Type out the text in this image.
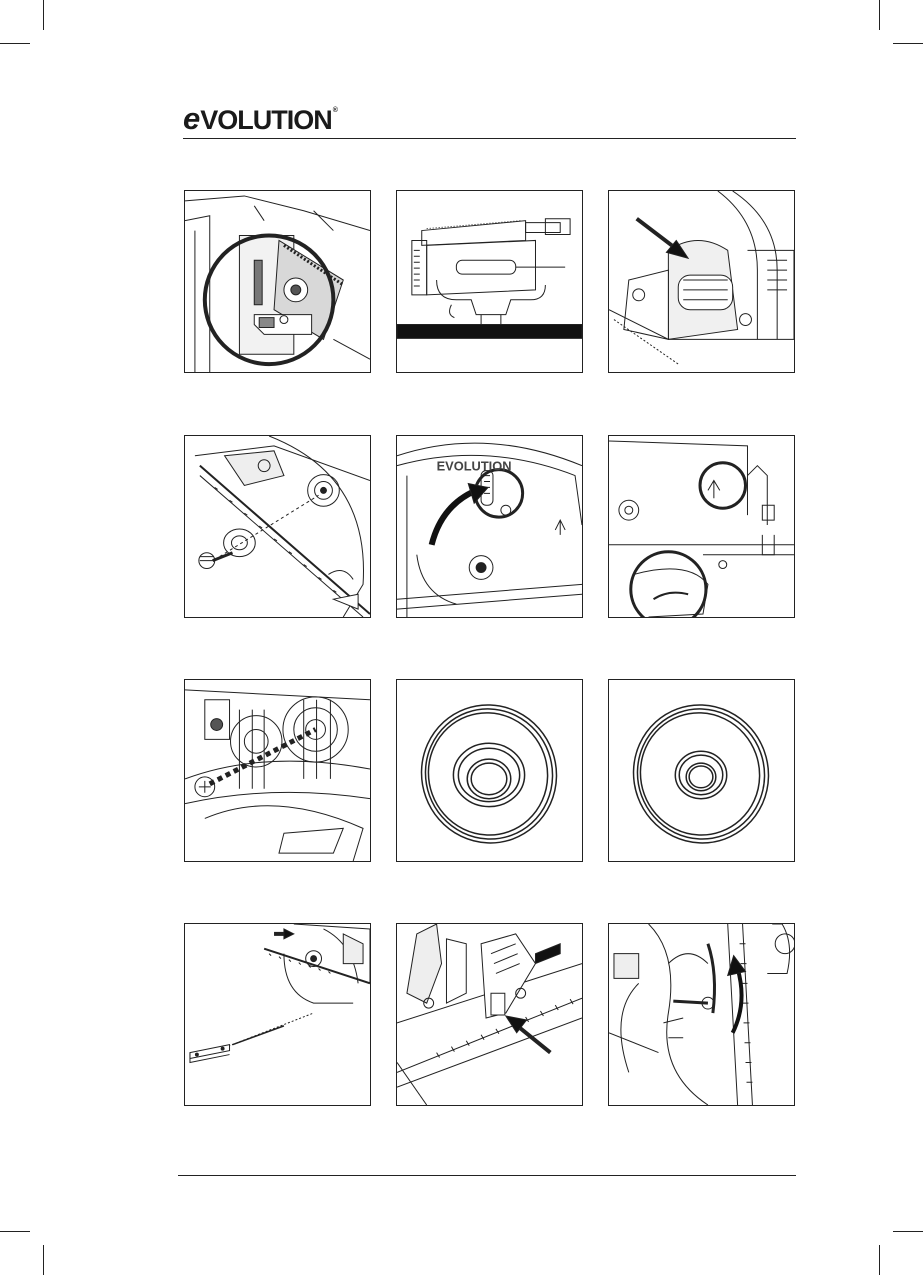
eVOLUTION®
EVOLUTION
